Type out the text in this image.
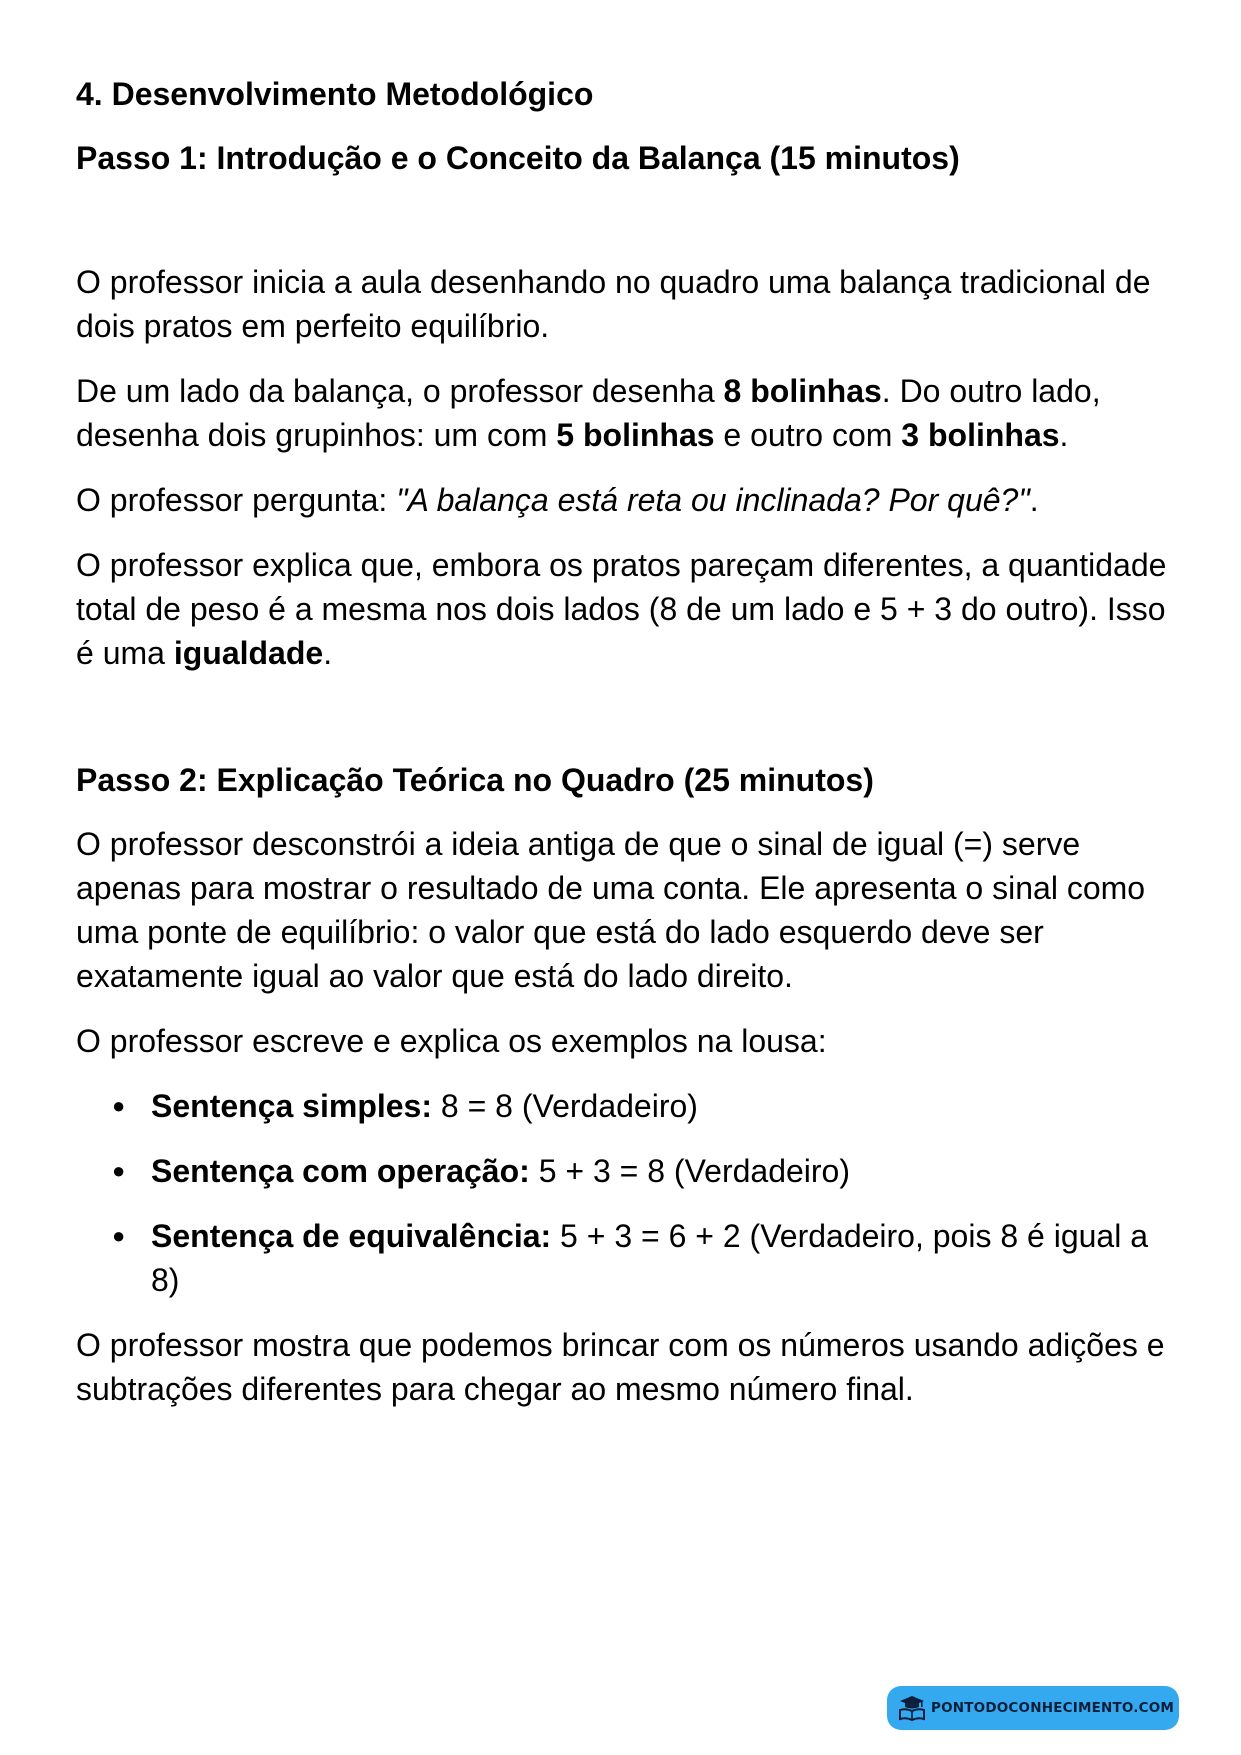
4. Desenvolvimento Metodológico
Passo 1: Introdução e o Conceito da Balança (15 minutos)

O professor inicia a aula desenhando no quadro uma balança tradicional de dois pratos em perfeito equilíbrio.

De um lado da balança, o professor desenha 8 bolinhas. Do outro lado, desenha dois grupinhos: um com 5 bolinhas e outro com 3 bolinhas.

O professor pergunta: "A balança está reta ou inclinada? Por quê?".

O professor explica que, embora os pratos pareçam diferentes, a quantidade total de peso é a mesma nos dois lados (8 de um lado e 5 + 3 do outro). Isso é uma igualdade.

Passo 2: Explicação Teórica no Quadro (25 minutos)

O professor desconstrói a ideia antiga de que o sinal de igual (=) serve apenas para mostrar o resultado de uma conta. Ele apresenta o sinal como uma ponte de equilíbrio: o valor que está do lado esquerdo deve ser exatamente igual ao valor que está do lado direito.

O professor escreve e explica os exemplos na lousa:

● Sentença simples: 8 = 8 (Verdadeiro)
● Sentença com operação: 5 + 3 = 8 (Verdadeiro)
● Sentença de equivalência: 5 + 3 = 6 + 2 (Verdadeiro, pois 8 é igual a 8)

O professor mostra que podemos brincar com os números usando adições e subtrações diferentes para chegar ao mesmo número final.

PONTODOCONHECIMENTO.COM
